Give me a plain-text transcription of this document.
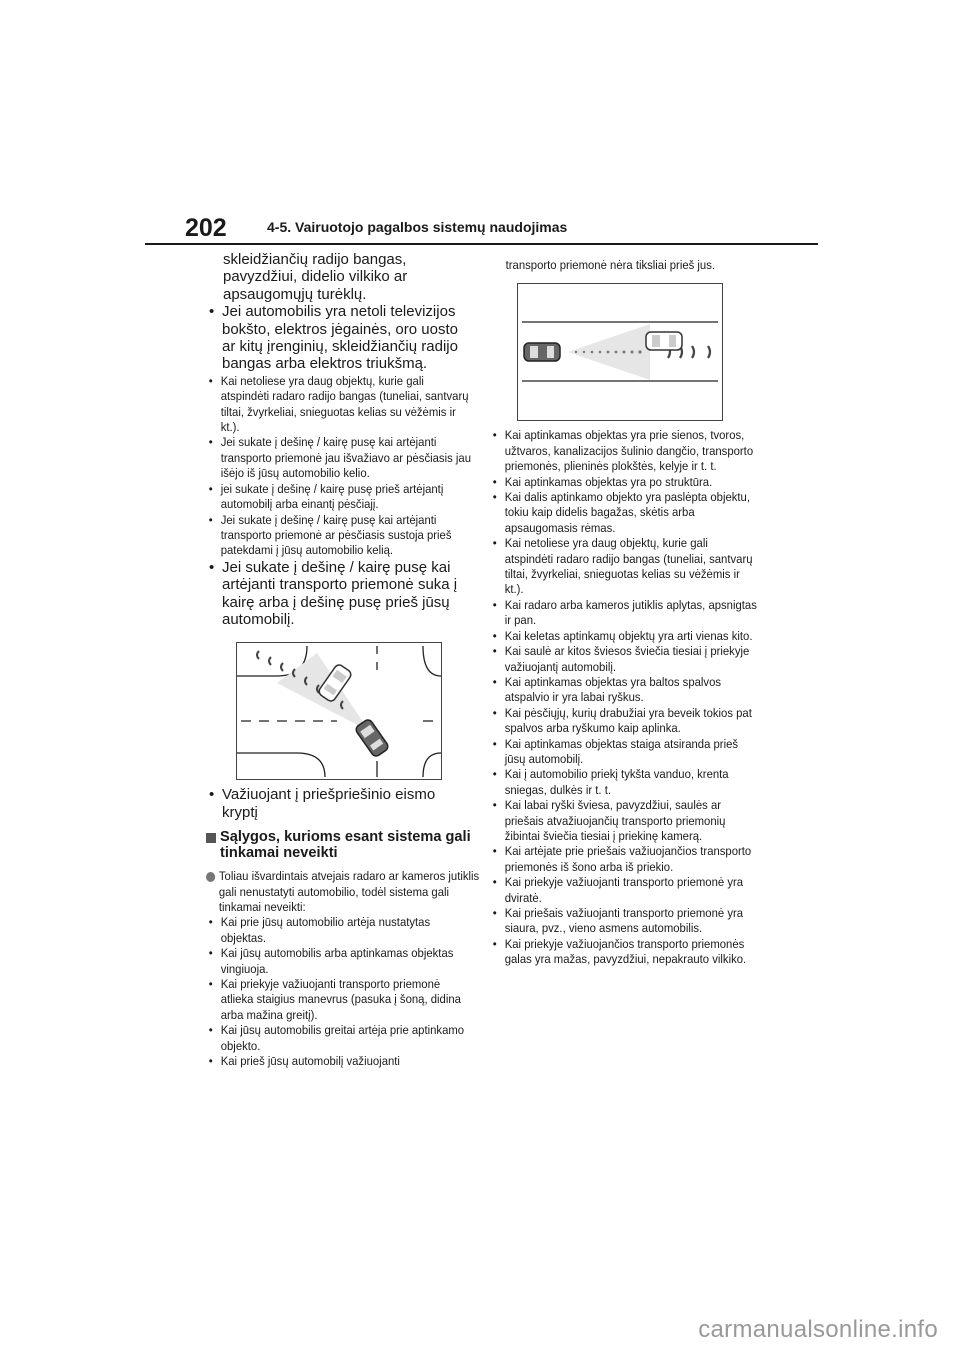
202	4-5. Vairuotojo pagalbos sistemų naudojimas

skleidžiančių radijo bangas, pavyzdžiui, didelio vilkiko ar apsaugomųjų turėklų.

• Jei automobilis yra netoli televizijos bokšto, elektros jėgainės, oro uosto ar kitų įrenginių, skleidžiančių radijo bangas arba elektros triukšmą.
• Kai netoliese yra daug objektų, kurie gali atspindėti radaro radijo bangas (tuneliai, santvarų tiltai, žvyrkeliai, snieguotas kelias su vėžėmis ir kt.).
• Jei sukate į dešinę / kairę pusę kai artėjanti transporto priemonė jau išvažiavo ar pėsčiasis jau išėjo iš jūsų automobilio kelio.
• jei sukate į dešinę / kairę pusę prieš artėjantį automobilį arba einantį pėsčiajį.
• Jei sukate į dešinę / kairę pusę kai artėjanti transporto priemonė ar pėsčiasis sustoja prieš patekdami į jūsų automobilio kelią.
• Jei sukate į dešinę / kairę pusę kai artėjanti transporto priemonė suka į kairę arba į dešinę pusę prieš jūsų automobilį.
• Važiuojant į priešpriešinio eismo kryptį
Sąlygos, kurioms esant sistema gali tinkamai neveikti
Toliau išvardintais atvejais radaro ar kameros jutiklis gali nenustatyti automobilio, todėl sistema gali tinkamai neveikti:
• Kai prie jūsų automobilio artėja nustatytas objektas.
• Kai jūsų automobilis arba aptinkamas objektas vingiuoja.
• Kai priekyje važiuojanti transporto priemonė atlieka staigius manevrus (pasuka į šoną, didina arba mažina greitį).
• Kai jūsų automobilis greitai artėja prie aptinkamo objekto.
• Kai prieš jūsų automobilį važiuojanti

transporto priemonė nėra tiksliai prieš jus.

• Kai aptinkamas objektas yra prie sienos, tvoros, užtvaros, kanalizacijos šulinio dangčio, transporto priemonės, plieninės plokštės, kelyje ir t. t.
• Kai aptinkamas objektas yra po struktūra.
• Kai dalis aptinkamo objekto yra paslėpta objektu, tokiu kaip didelis bagažas, skėtis arba apsaugomasis rėmas.
• Kai netoliese yra daug objektų, kurie gali atspindėti radaro radijo bangas (tuneliai, santvarų tiltai, žvyrkeliai, snieguotas kelias su vėžėmis ir kt.).
• Kai radaro arba kameros jutiklis aplytas, apsnigtas ir pan.
• Kai keletas aptinkamų objektų yra arti vienas kito.
• Kai saulė ar kitos šviesos šviečia tiesiai į priekyje važiuojantį automobilį.
• Kai aptinkamas objektas yra baltos spalvos atspalvio ir yra labai ryškus.
• Kai pėsčiųjų, kurių drabužiai yra beveik tokios pat spalvos arba ryškumo kaip aplinka.
• Kai aptinkamas objektas staiga atsiranda prieš jūsų automobilį.
• Kai į automobilio priekį tykšta vanduo, krenta sniegas, dulkės ir t. t.
• Kai labai ryški šviesa, pavyzdžiui, saulės ar priešais atvažiuojančių transporto priemonių žibintai šviečia tiesiai į priekinę kamerą.
• Kai artėjate prie priešais važiuojančios transporto priemonės iš šono arba iš priekio.
• Kai priekyje važiuojanti transporto priemonė yra dviratė.
• Kai priešais važiuojanti transporto priemonė yra siaura, pvz., vieno asmens automobilis.
• Kai priekyje važiuojančios transporto priemonės galas yra mažas, pavyzdžiui, nepakrauto vilkiko.
carmanualsonline.info
